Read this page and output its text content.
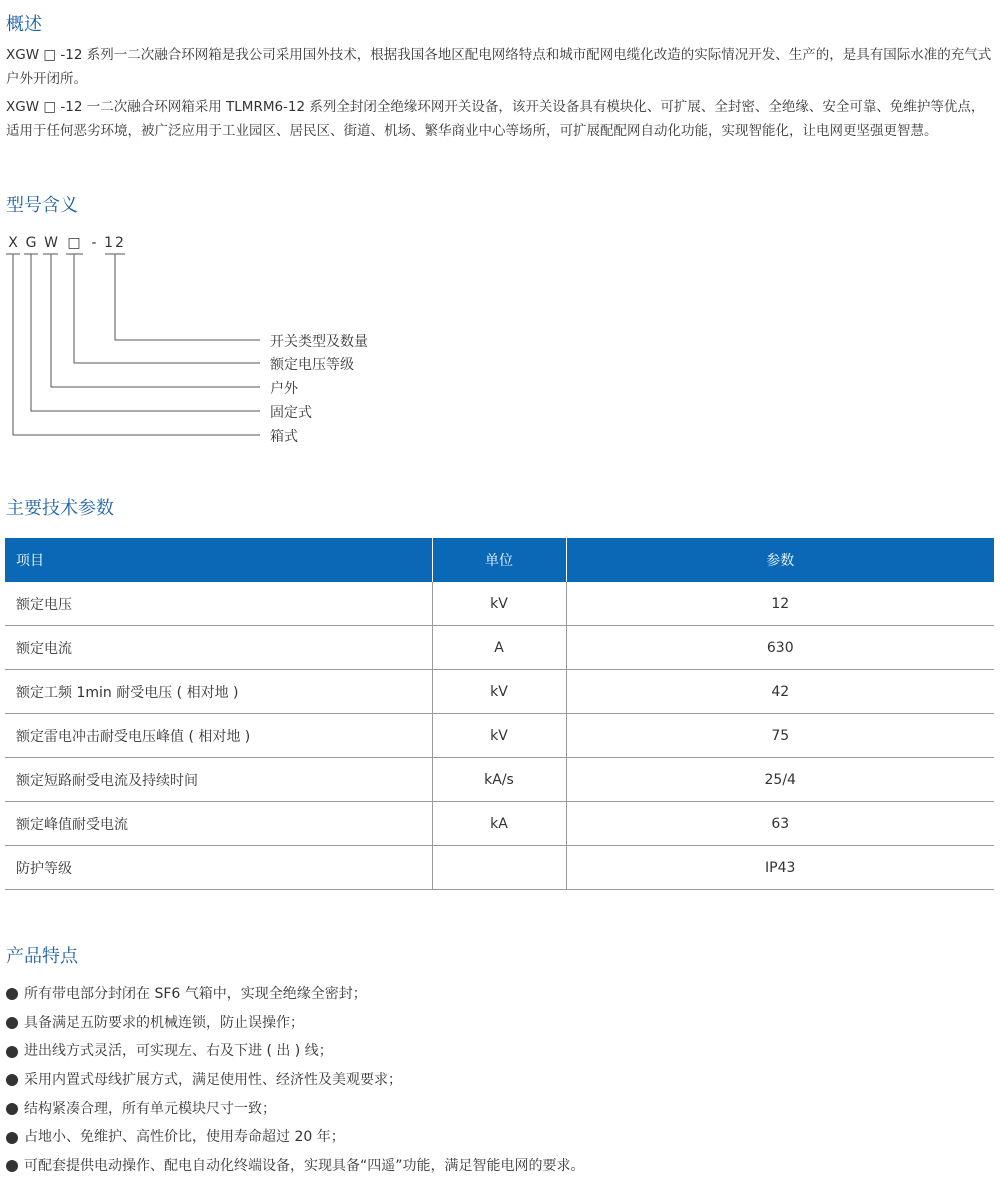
概述

XGW □ -12 系列一二次融合环网箱是我公司采用国外技术，根据我国各地区配电网络特点和城市配网电缆化改造的实际情况开发、生产的，是具有国际水准的充气式户外开闭所。

XGW □ -12 一二次融合环网箱采用 TLMRM6-12 系列全封闭全绝缘环网开关设备，该开关设备具有模块化、可扩展、全封密、全绝缘、安全可靠、免维护等优点，适用于任何恶劣环境，被广泛应用于工业园区、居民区、街道、机场、繁华商业中心等场所，可扩展配配网自动化功能，实现智能化，让电网更坚强更智慧。

型号含义
X G W □ - 12
开关类型及数量
额定电压等级
户外
固定式
箱式
主要技术参数
项目	单位	参数
额定电压	kV	12
额定电流	A	630
额定工频 1min 耐受电压 ( 相对地 )	kV	42
额定雷电冲击耐受电压峰值 ( 相对地 )	kV	75
额定短路耐受电流及持续时间	kA/s	25/4
额定峰值耐受电流	kA	63
防护等级		IP43
产品特点
所有带电部分封闭在 SF6 气箱中，实现全绝缘全密封；
具备满足五防要求的机械连锁，防止误操作；
进出线方式灵活，可实现左、右及下进 ( 出 ) 线；
采用内置式母线扩展方式，满足使用性、经济性及美观要求；
结构紧凑合理，所有单元模块尺寸一致；
占地小、免维护、高性价比，使用寿命超过 20 年；
可配套提供电动操作、配电自动化终端设备，实现具备“四遥”功能，满足智能电网的要求。
